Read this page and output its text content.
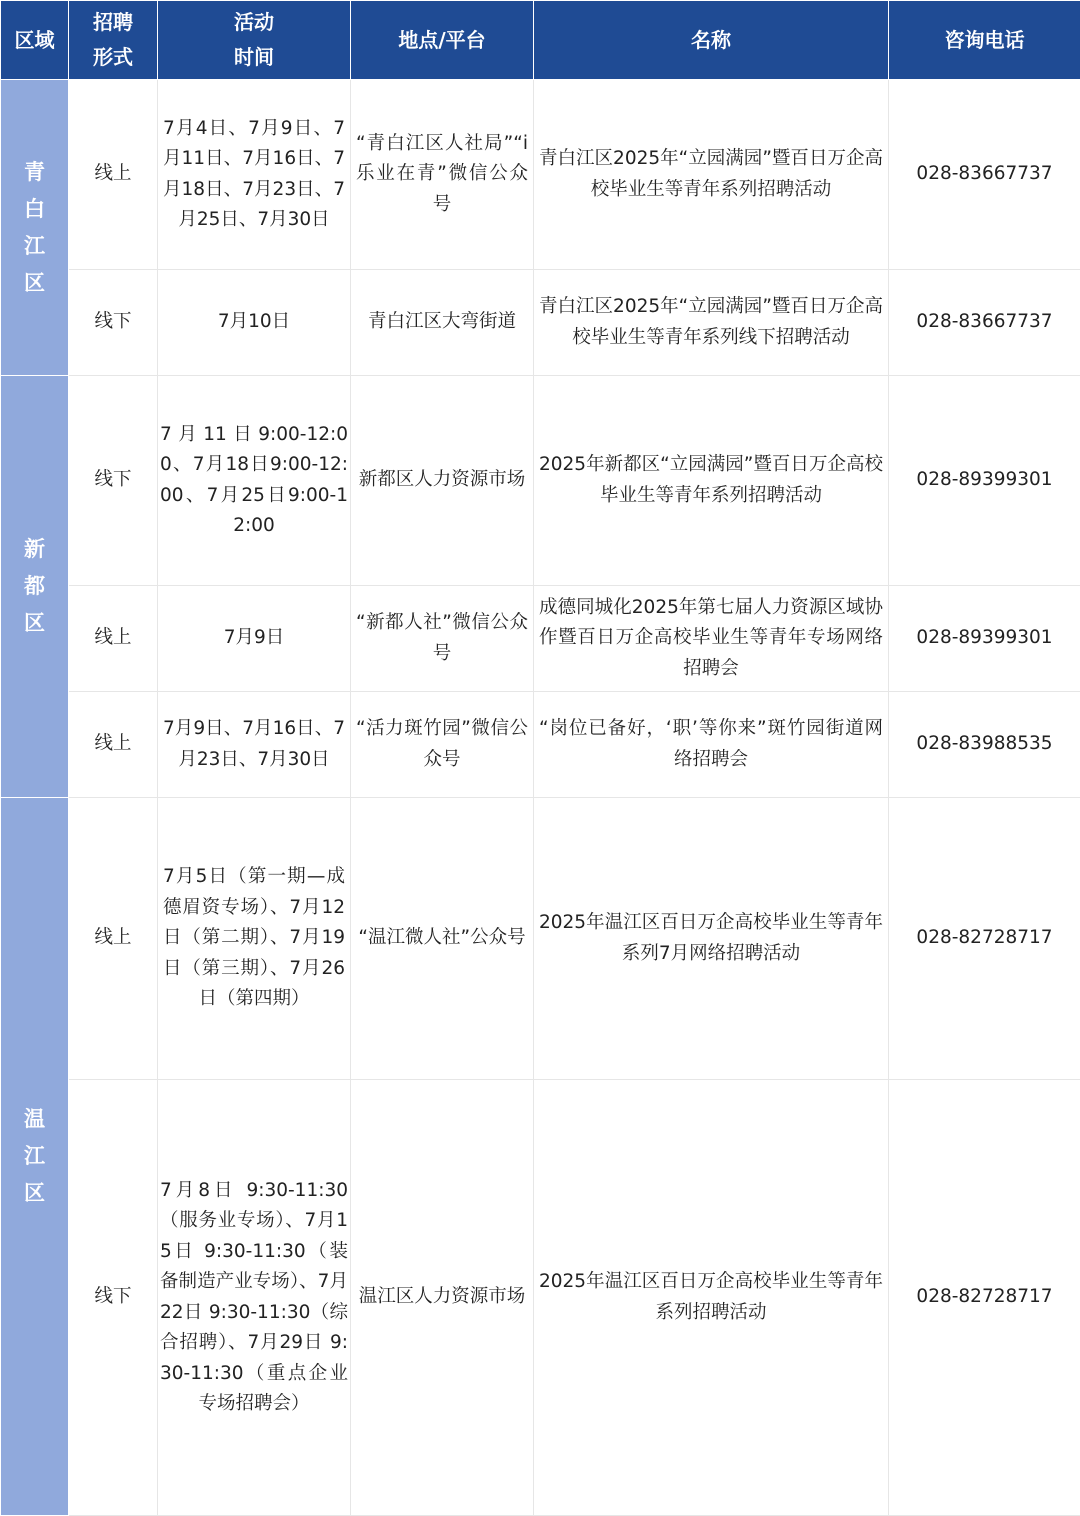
区域	招聘形式	活动时间	地点/平台	名称	咨询电话
青白江区	线上	7月4日、7月9日、7月11日、7月16日、7月18日、7月23日、7月25日、7月30日	“青白江区人社局”“i乐业在青”微信公众号	青白江区2025年“立园满园”暨百日万企高校毕业生等青年系列招聘活动	028-83667737
	线下	7月10日	青白江区大弯街道	青白江区2025年“立园满园”暨百日万企高校毕业生等青年系列线下招聘活动	028-83667737
新都区	线下	7月11日9:00-12:00、7月18日9:00-12:00、7月25日9:00-12:00	新都区人力资源市场	2025年新都区“立园满园”暨百日万企高校毕业生等青年系列招聘活动	028-89399301
	线上	7月9日	“新都人社”微信公众号	成德同城化2025年第七届人力资源区域协作暨百日万企高校毕业生等青年专场网络招聘会	028-89399301
	线上	7月9日、7月16日、7月23日、7月30日	“活力斑竹园”微信公众号	“岗位已备好，‘职’等你来”斑竹园街道网络招聘会	028-83988535
温江区	线上	7月5日（第一期—成德眉资专场）、7月12日（第二期）、7月19日（第三期）、7月26日（第四期）	“温江微人社”公众号	2025年温江区百日万企高校毕业生等青年系列7月网络招聘活动	028-82728717
	线下	7月8日 9:30-11:30（服务业专场）、7月15日 9:30-11:30（装备制造产业专场）、7月22日 9:30-11:30（综合招聘）、7月29日 9:30-11:30（重点企业专场招聘会）	温江区人力资源市场	2025年温江区百日万企高校毕业生等青年系列招聘活动	028-82728717
